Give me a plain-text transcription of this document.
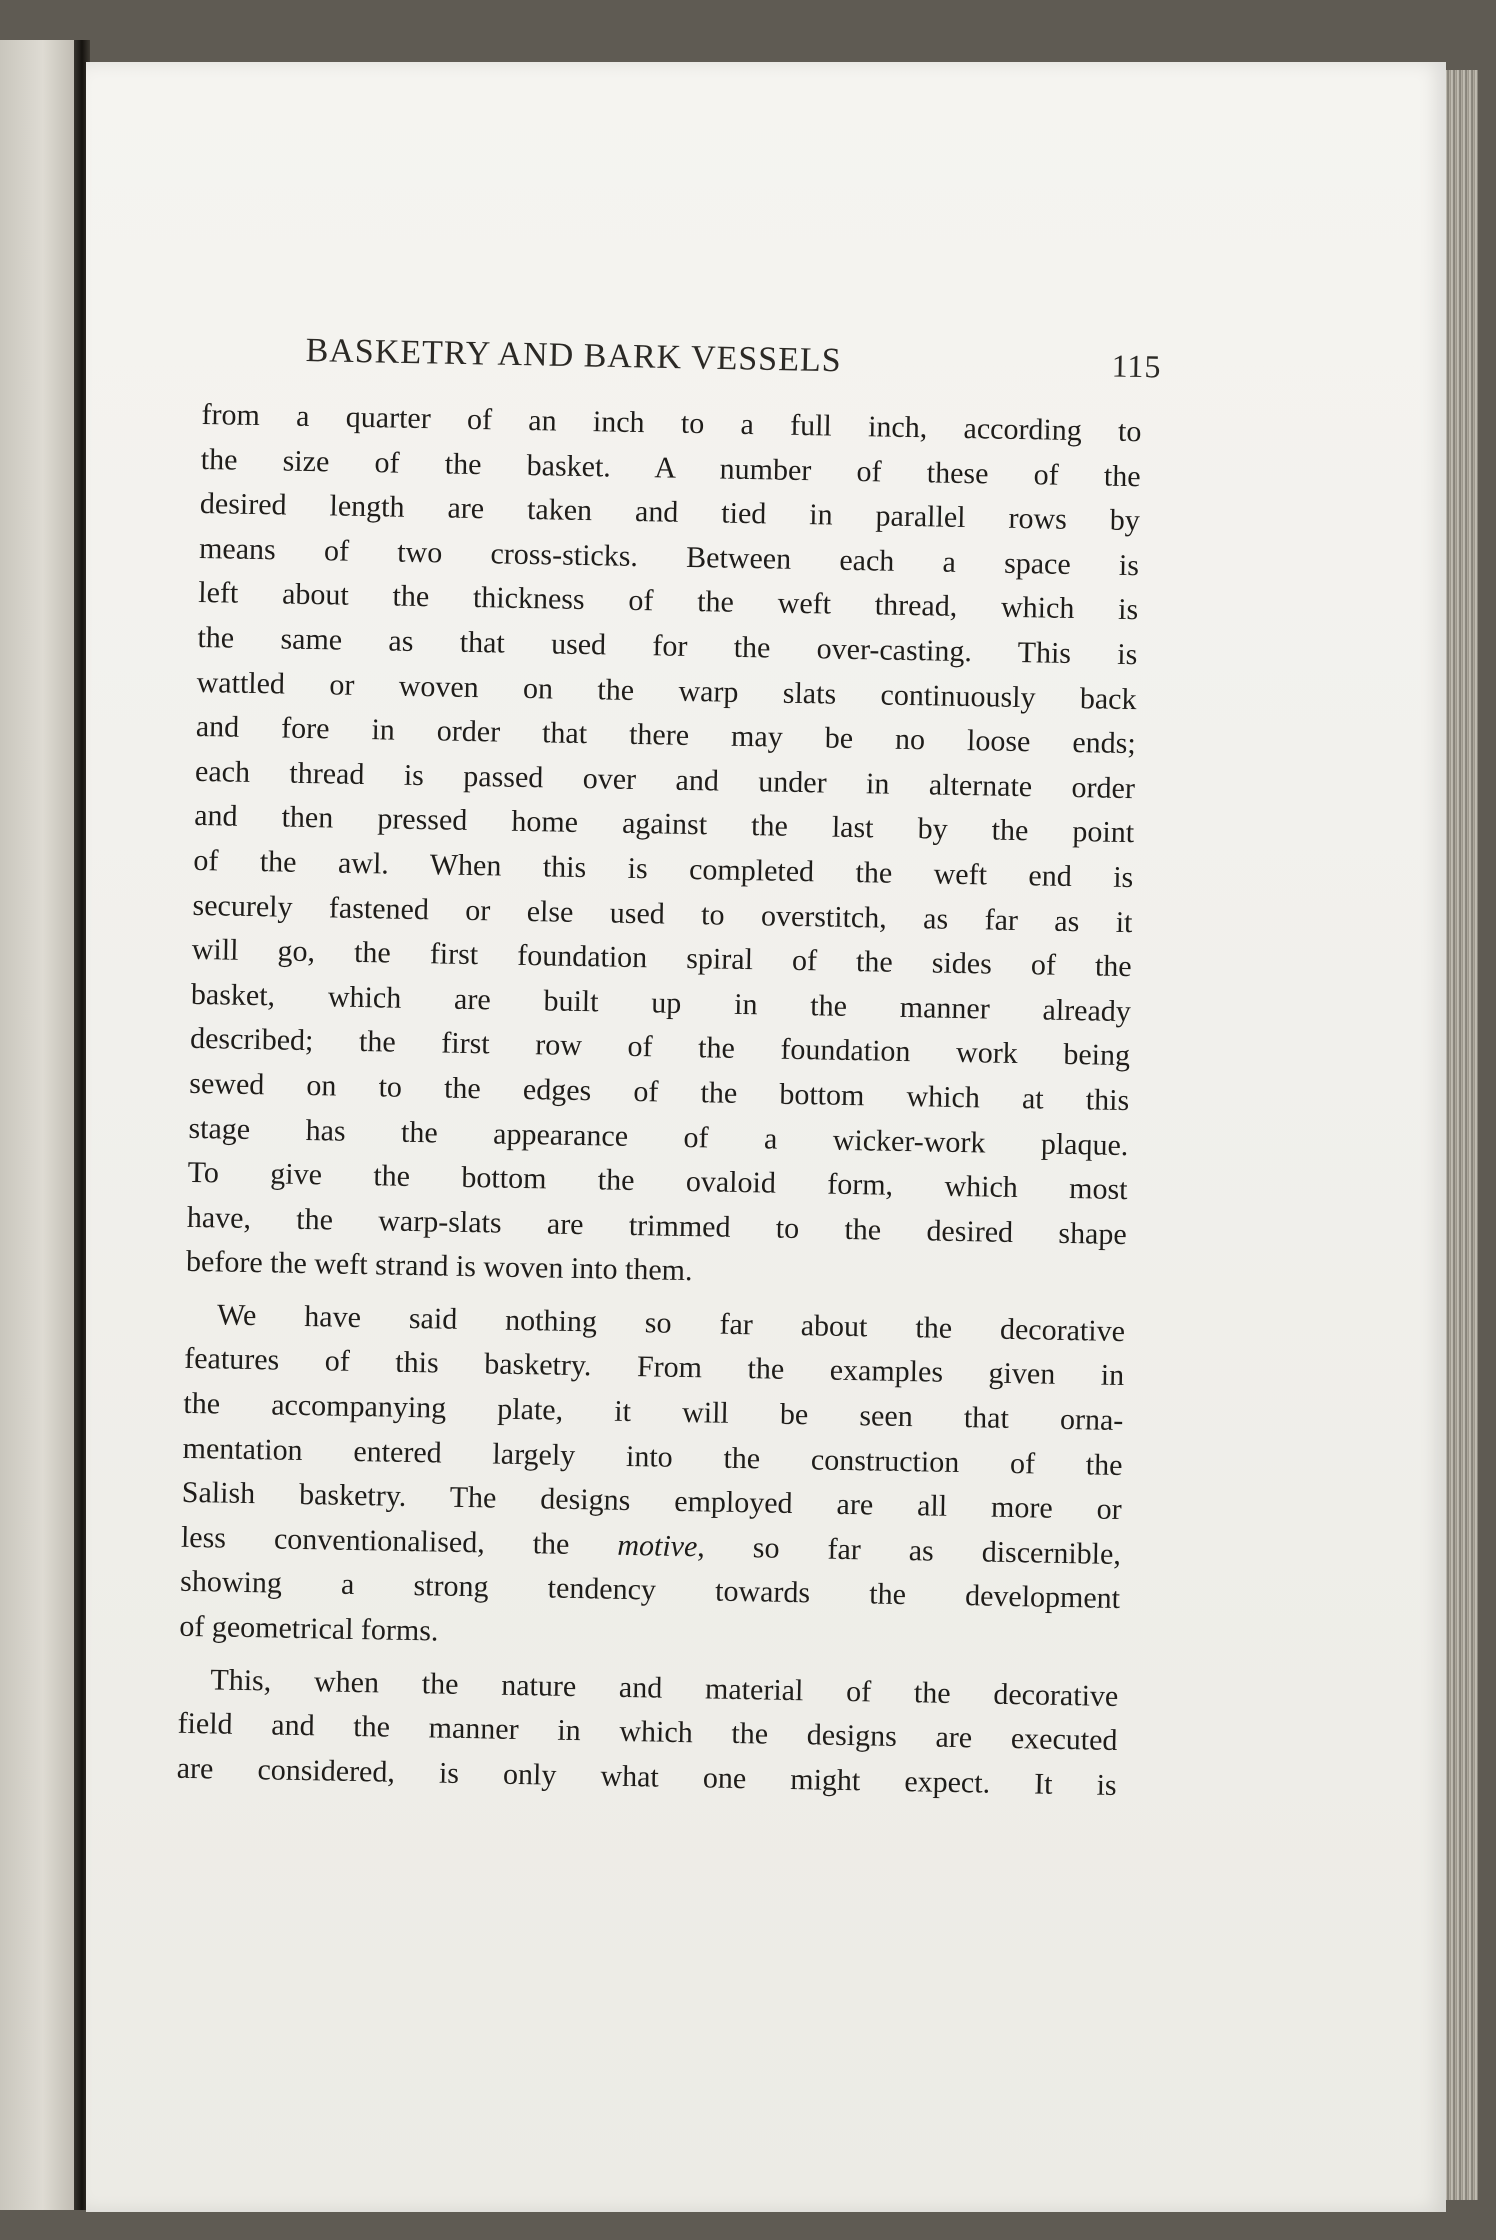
BASKETRY AND BARK VESSELS	115
from a quarter of an inch to a full inch, according to
the size of the basket. A number of these of the
desired length are taken and tied in parallel rows by
means of two cross-sticks. Between each a space is
left about the thickness of the weft thread, which is
the same as that used for the over-casting. This is
wattled or woven on the warp slats continuously back
and fore in order that there may be no loose ends;
each thread is passed over and under in alternate order
and then pressed home against the last by the point
of the awl. When this is completed the weft end is
securely fastened or else used to overstitch, as far as it
will go, the first foundation spiral of the sides of the
basket, which are built up in the manner already
described; the first row of the foundation work being
sewed on to the edges of the bottom which at this
stage has the appearance of a wicker-work plaque.
To give the bottom the ovaloid form, which most
have, the warp-slats are trimmed to the desired shape
before the weft strand is woven into them.
We have said nothing so far about the decorative
features of this basketry. From the examples given in
the accompanying plate, it will be seen that orna-
mentation entered largely into the construction of the
Salish basketry. The designs employed are all more or
less conventionalised, the motive, so far as discernible,
showing a strong tendency towards the development
of geometrical forms.
This, when the nature and material of the decorative
field and the manner in which the designs are executed
are considered, is only what one might expect. It is
